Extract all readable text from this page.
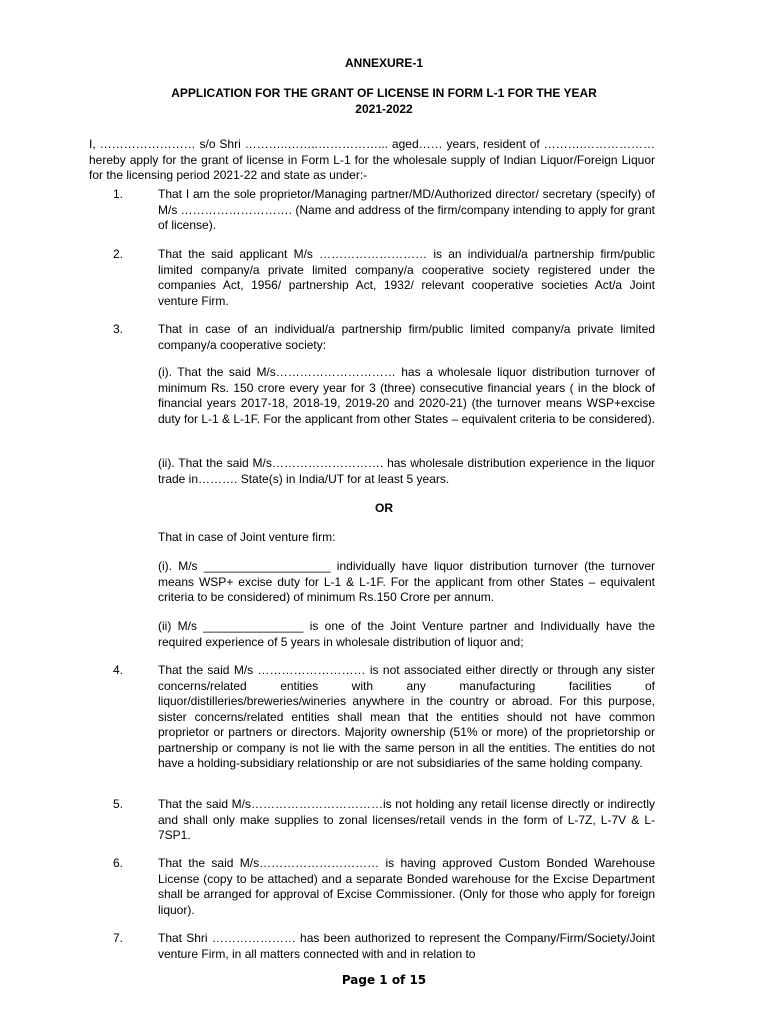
ANNEXURE-1
APPLICATION FOR THE GRANT OF LICENSE IN FORM L-1 FOR THE YEAR
2021-2022
I, …………………… s/o Shri ………..……..……………... aged…… years, resident of ……….……………… hereby apply for the grant of license in Form L-1 for the wholesale supply of Indian Liquor/Foreign Liquor for the licensing period 2021-22 and state as under:-
1.	That I am the sole proprietor/Managing partner/MD/Authorized director/ secretary (specify) of M/s ………………………. (Name and address of the firm/company intending to apply for grant of license).
2.	That the said applicant M/s ……………………… is an individual/a partnership firm/public limited company/a private limited company/a cooperative society registered under the companies Act, 1956/ partnership Act, 1932/ relevant cooperative societies Act/a Joint venture Firm.
3.	That in case of an individual/a partnership firm/public limited company/a private limited company/a cooperative society:
(i). That the said M/s………………………… has a wholesale liquor distribution turnover of minimum Rs. 150 crore every year for 3 (three) consecutive financial years ( in the block of financial years 2017-18, 2018-19, 2019-20 and 2020-21) (the turnover means WSP+excise duty for L-1 & L-1F. For the applicant from other States – equivalent criteria to be considered).
(ii). That the said M/s………………………. has wholesale distribution experience in the liquor trade in………. State(s) in India/UT for at least 5 years.
OR
That in case of Joint venture firm:
(i). M/s ___________________ individually have liquor distribution turnover (the turnover means WSP+ excise duty for L-1 & L-1F. For the applicant from other States – equivalent criteria to be considered) of minimum Rs.150 Crore per annum.
(ii) M/s _______________ is one of the Joint Venture partner and Individually have the required experience of 5 years in wholesale distribution of liquor and;
4.	That the said M/s ……………………… is not associated either directly or through any sister concerns/related entities with any manufacturing facilities of liquor/distilleries/breweries/wineries anywhere in the country or abroad. For this purpose, sister concerns/related entities shall mean that the entities should not have common proprietor or partners or directors. Majority ownership (51% or more) of the proprietorship or partnership or company is not lie with the same person in all the entities. The entities do not have a holding-subsidiary relationship or are not subsidiaries of the same holding company.
5.	That the said M/s……………………………is not holding any retail license directly or indirectly and shall only make supplies to zonal licenses/retail vends in the form of L-7Z, L-7V & L-7SP1.
6.	That the said M/s………………………… is having approved Custom Bonded Warehouse License (copy to be attached) and a separate Bonded warehouse for the Excise Department shall be arranged for approval of Excise Commissioner. (Only for those who apply for foreign liquor).
7.	That Shri ………………… has been authorized to represent the Company/Firm/Society/Joint venture Firm, in all matters connected with and in relation to
Page 1 of 15
